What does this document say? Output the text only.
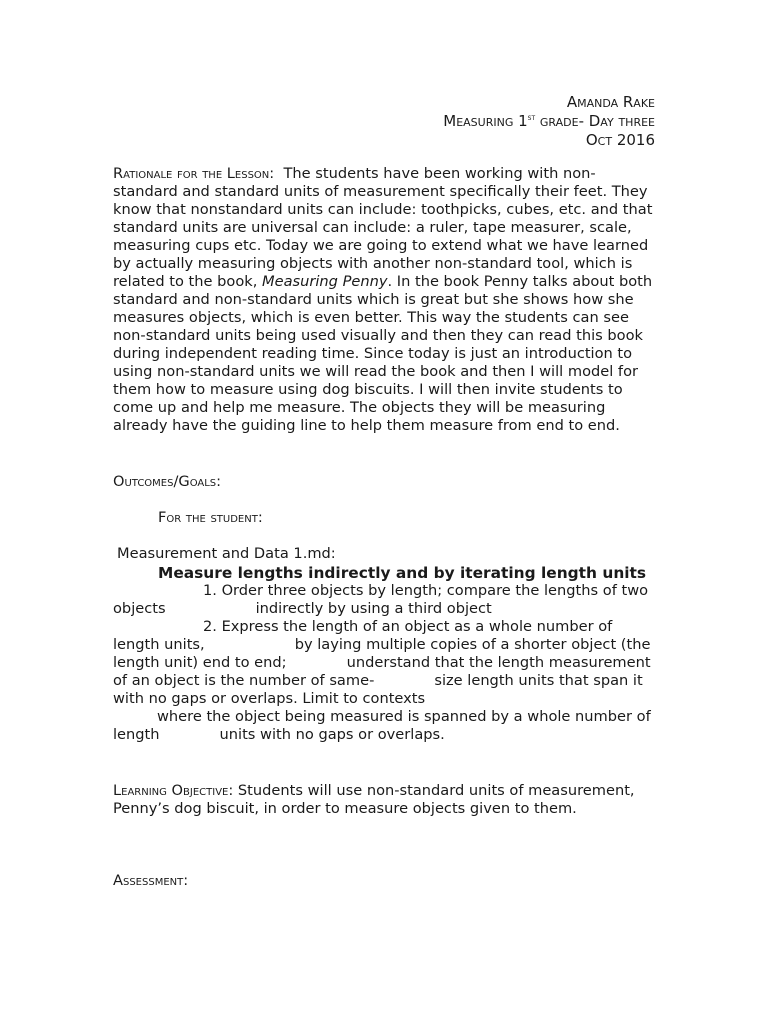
Amanda Rake
Measuring 1st grade- Day three
Oct 2016

Rationale for the Lesson:  The students have been working with non-standard and standard units of measurement specifically their feet. They know that nonstandard units can include: toothpicks, cubes, etc. and that standard units are universal can include: a ruler, tape measurer, scale, measuring cups etc. Today we are going to extend what we have learned by actually measuring objects with another non-standard tool, which is related to the book, Measuring Penny. In the book Penny talks about both standard and non-standard units which is great but she shows how she measures objects, which is even better. This way the students can see non-standard units being used visually and then they can read this book during independent reading time. Since today is just an introduction to using non-standard units we will read the book and then I will model for them how to measure using dog biscuits. I will then invite students to come up and help me measure. The objects they will be measuring already have the guiding line to help them measure from end to end.

Outcomes/Goals:
For the student:
Measurement and Data 1.md:
Measure lengths indirectly and by iterating length units

1. Order three objects by length; compare the lengths of two objects	indirectly by using a third object

2. Express the length of an object as a whole number of length units,	by laying multiple copies of a shorter object (the length unit) end to end;	understand that the length measurement of an object is the number of same-	size length units that span it with no gaps or overlaps. Limit to contexts

where the object being measured is spanned by a whole number of length	units with no gaps or overlaps.

Learning Objective: Students will use non-standard units of measurement, Penny’s dog biscuit, in order to measure objects given to them.

Assessment:
